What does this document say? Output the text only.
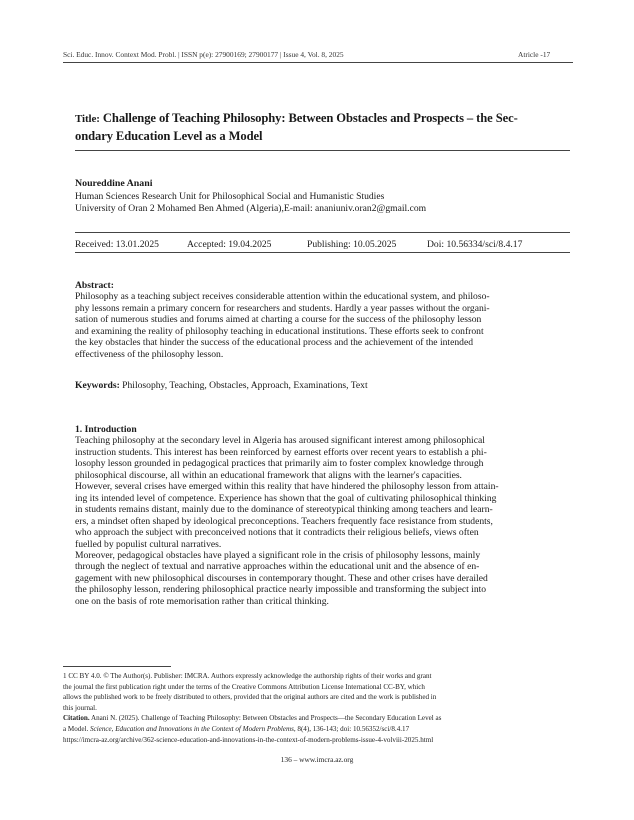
Sci. Educ. Innov. Context Mod. Probl. | ISSN p(e): 27900169; 27900177 | Issue 4, Vol. 8, 2025	Atricle -17
Title: Challenge of Teaching Philosophy: Between Obstacles and Prospects – the Sec-
ondary Education Level as a Model
Noureddine Anani
Human Sciences Research Unit for Philosophical Social and Humanistic Studies
University of Oran 2 Mohamed Ben Ahmed (Algeria),E-mail: ananiuniv.oran2@gmail.com
Received: 13.01.2025	Accepted: 19.04.2025	Publishing: 10.05.2025	Doi: 10.56334/sci/8.4.17
Abstract:
Philosophy as a teaching subject receives considerable attention within the educational system, and philoso-
phy lessons remain a primary concern for researchers and students. Hardly a year passes without the organi-
sation of numerous studies and forums aimed at charting a course for the success of the philosophy lesson
and examining the reality of philosophy teaching in educational institutions. These efforts seek to confront
the key obstacles that hinder the success of the educational process and the achievement of the intended
effectiveness of the philosophy lesson.
Keywords: Philosophy, Teaching, Obstacles, Approach, Examinations, Text
1. Introduction
Teaching philosophy at the secondary level in Algeria has aroused significant interest among philosophical
instruction students. This interest has been reinforced by earnest efforts over recent years to establish a phi-
losophy lesson grounded in pedagogical practices that primarily aim to foster complex knowledge through
philosophical discourse, all within an educational framework that aligns with the learner's capacities.
However, several crises have emerged within this reality that have hindered the philosophy lesson from attain-
ing its intended level of competence. Experience has shown that the goal of cultivating philosophical thinking
in students remains distant, mainly due to the dominance of stereotypical thinking among teachers and learn-
ers, a mindset often shaped by ideological preconceptions. Teachers frequently face resistance from students,
who approach the subject with preconceived notions that it contradicts their religious beliefs, views often
fuelled by populist cultural narratives.
Moreover, pedagogical obstacles have played a significant role in the crisis of philosophy lessons, mainly
through the neglect of textual and narrative approaches within the educational unit and the absence of en-
gagement with new philosophical discourses in contemporary thought. These and other crises have derailed
the philosophy lesson, rendering philosophical practice nearly impossible and transforming the subject into
one on the basis of rote memorisation rather than critical thinking.
1 CC BY 4.0. © The Author(s). Publisher: IMCRA. Authors expressly acknowledge the authorship rights of their works and grant
the journal the first publication right under the terms of the Creative Commons Attribution License International CC-BY, which
allows the published work to be freely distributed to others, provided that the original authors are cited and the work is published in
this journal.
Citation. Anani N. (2025). Challenge of Teaching Philosophy: Between Obstacles and Prospects—the Secondary Education Level as
a Model. Science, Education and Innovations in the Context of Modern Problems, 8(4), 136-143; doi: 10.56352/sci/8.4.17
https://imcra-az.org/archive/362-science-education-and-innovations-in-the-context-of-modern-problems-issue-4-volviii-2025.html
136 – www.imcra.az.org
